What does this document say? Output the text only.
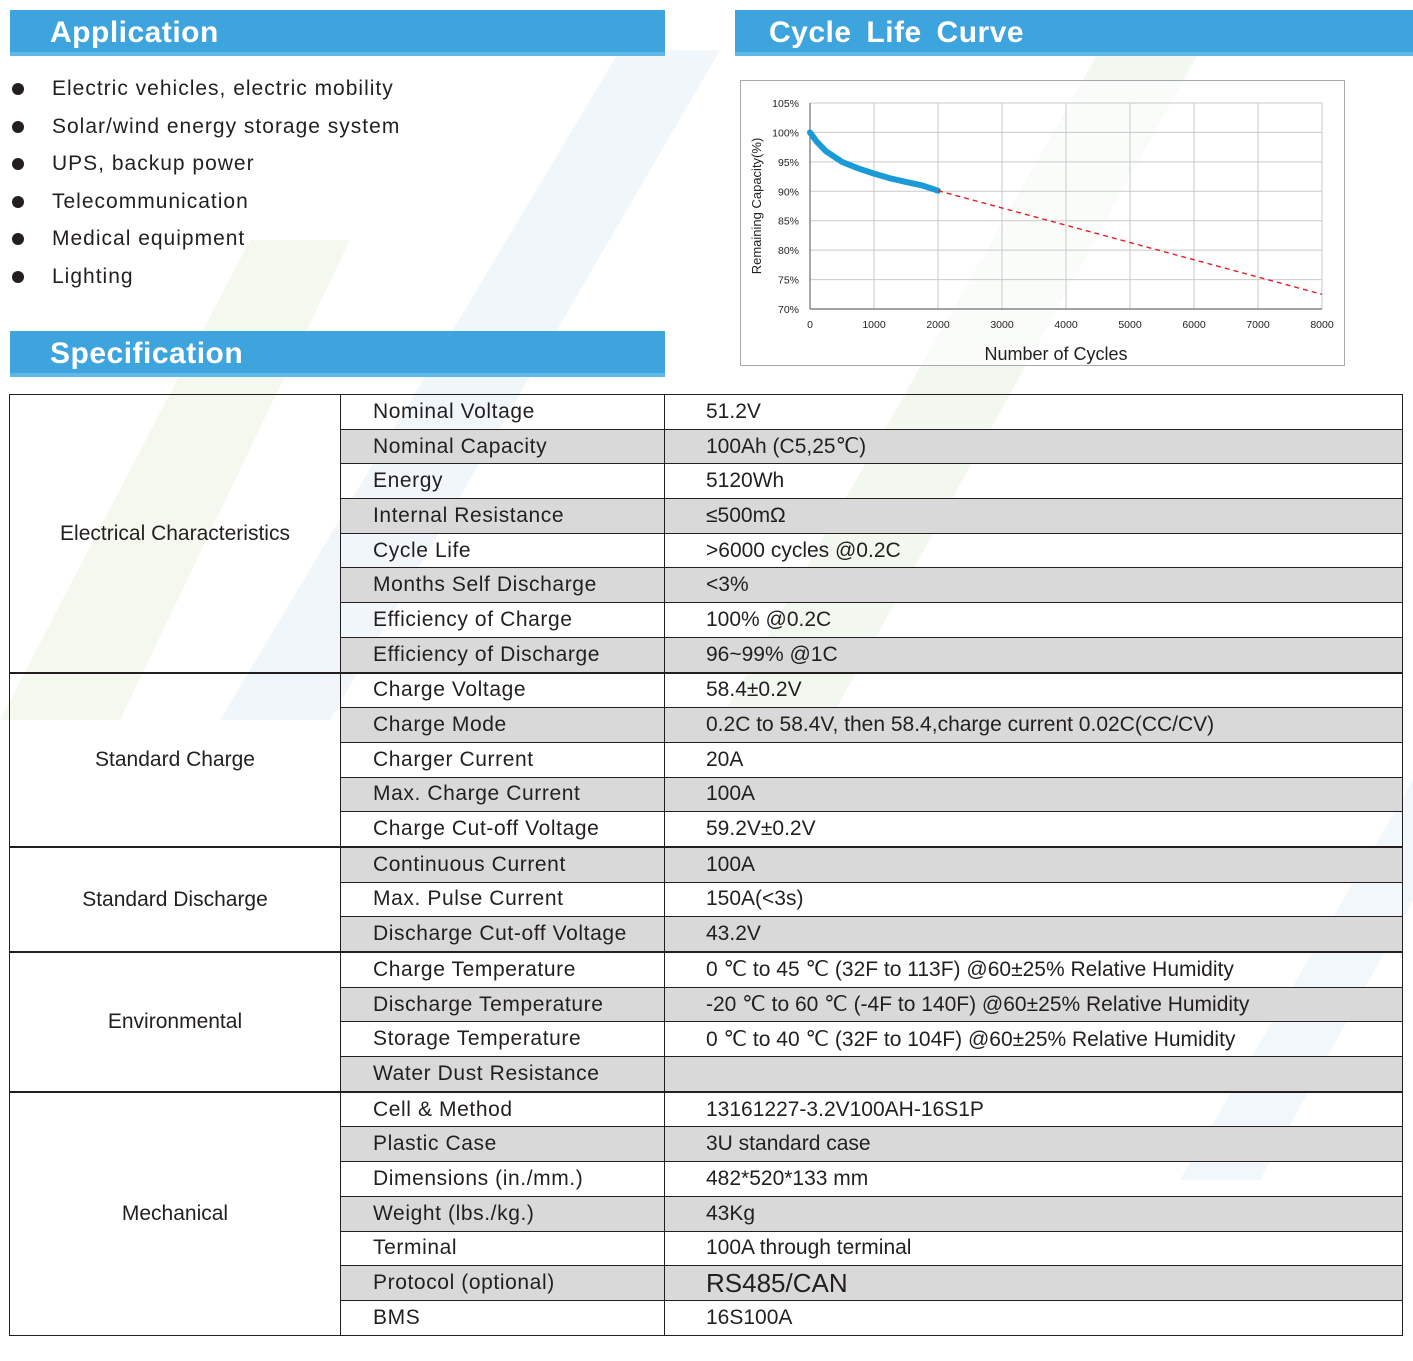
Application
Electric vehicles, electric mobility
Solar/wind energy storage system
UPS, backup power
Telecommunication
Medical equipment
Lighting
Cycle Life Curve
0	1000	2000	3000	4000	5000	6000	7000	8000
70%
75%
80%
85%
90%
95%
100%
105%
Number of Cycles
Remaining Capacity(%)
Specification
Electrical Characteristics	Nominal Voltage	51.2V
	Nominal Capacity	100Ah (C5,25℃)
	Energy	5120Wh
	Internal Resistance	≤500mΩ
	Cycle Life	>6000 cycles @0.2C
	Months Self Discharge	<3%
	Efficiency of Charge	100% @0.2C
	Efficiency of Discharge	96~99% @1C
Standard Charge	Charge Voltage	58.4±0.2V
	Charge Mode	0.2C to 58.4V, then 58.4,charge current 0.02C(CC/CV)
	Charger Current	20A
	Max. Charge Current	100A
	Charge Cut-off Voltage	59.2V±0.2V
Standard Discharge	Continuous Current	100A
	Max. Pulse Current	150A(<3s)
	Discharge Cut-off Voltage	43.2V
Environmental	Charge Temperature	0 ℃ to 45 ℃ (32F to 113F) @60±25% Relative Humidity
	Discharge Temperature	-20 ℃ to 60 ℃ (-4F to 140F) @60±25% Relative Humidity
	Storage Temperature	0 ℃ to 40 ℃ (32F to 104F) @60±25% Relative Humidity
	Water Dust Resistance	
Mechanical	Cell & Method	13161227-3.2V100AH-16S1P
	Plastic Case	3U standard case
	Dimensions (in./mm.)	482*520*133 mm
	Weight (lbs./kg.)	43Kg
	Terminal	100A through terminal
	Protocol (optional)	RS485/CAN
	BMS	16S100A
